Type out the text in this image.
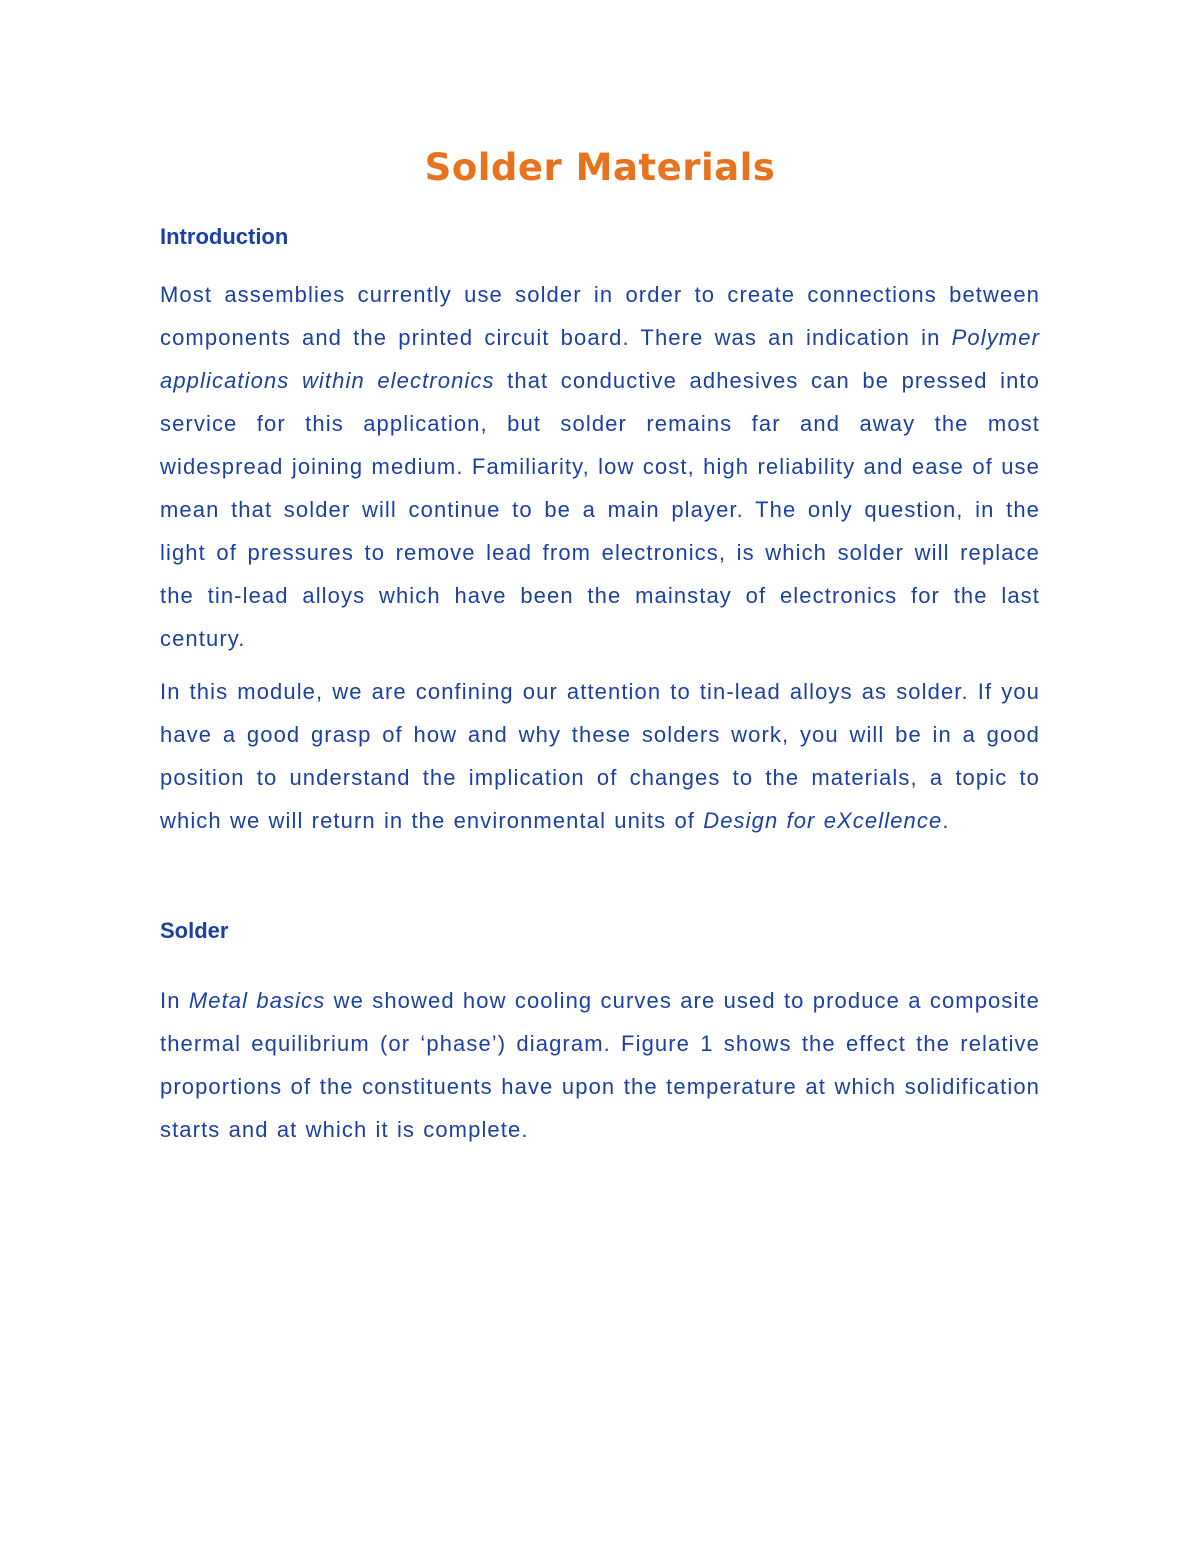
Solder Materials
Introduction

Most assemblies currently use solder in order to create connections between components and the printed circuit board. There was an indication in Polymer applications within electronics that conductive adhesives can be pressed into service for this application, but solder remains far and away the most widespread joining medium. Familiarity, low cost, high reliability and ease of use mean that solder will continue to be a main player. The only question, in the light of pressures to remove lead from electronics, is which solder will replace the tin-lead alloys which have been the mainstay of electronics for the last century.

In this module, we are confining our attention to tin-lead alloys as solder. If you have a good grasp of how and why these solders work, you will be in a good position to understand the implication of changes to the materials, a topic to which we will return in the environmental units of Design for eXcellence.

Solder

In Metal basics we showed how cooling curves are used to produce a composite thermal equilibrium (or ‘phase’) diagram. Figure 1 shows the effect the relative proportions of the constituents have upon the temperature at which solidification starts and at which it is complete.
